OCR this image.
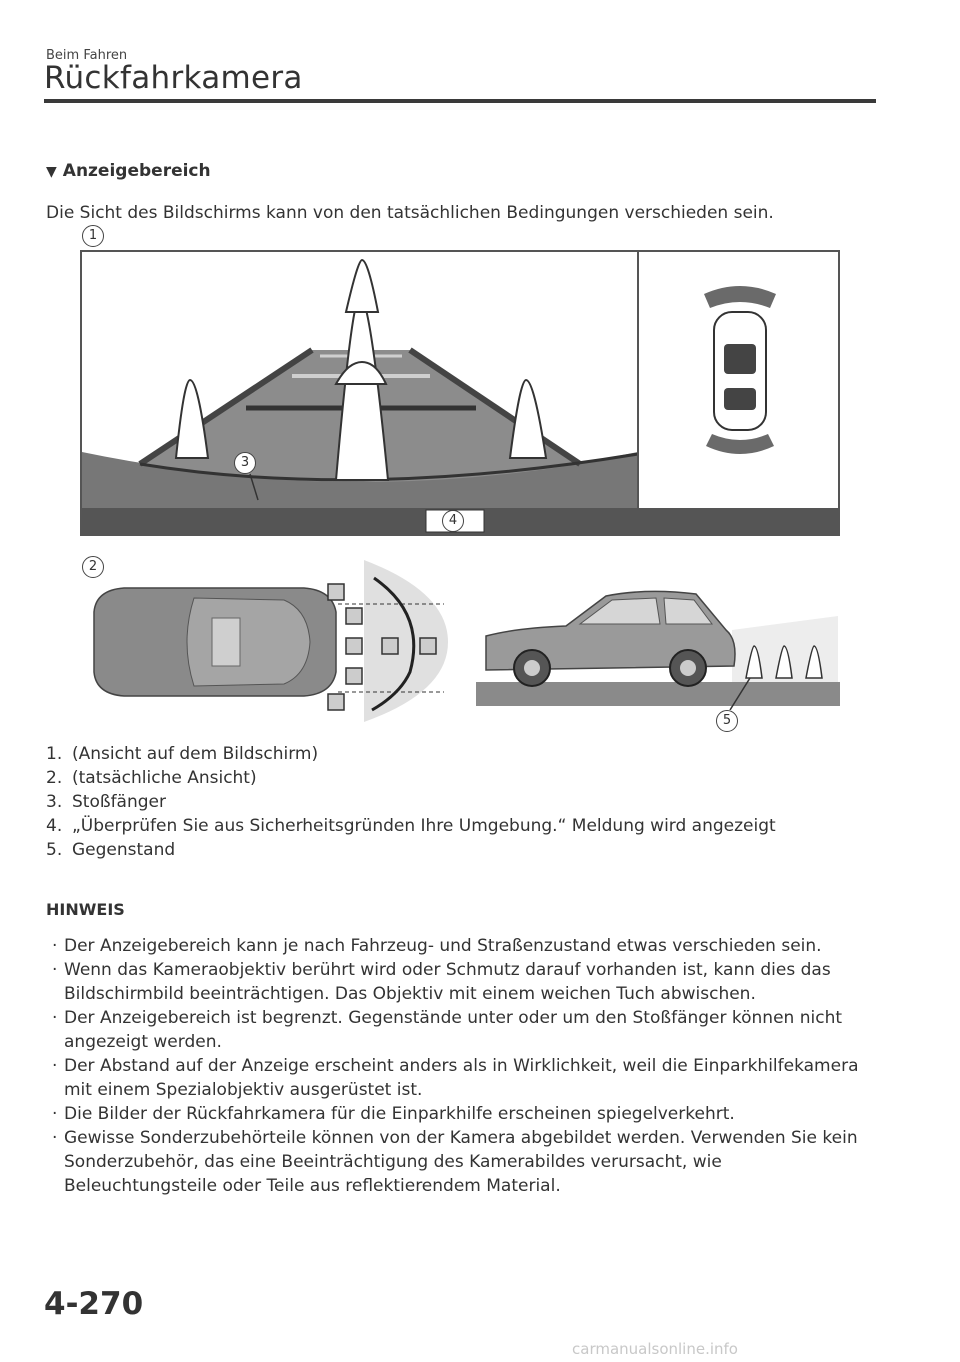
Beim Fahren
Rückfahrkamera
▼ Anzeigebereich
Die Sicht des Bildschirms kann von den tatsächlichen Bedingungen verschieden sein.
1
3
4
2
5
1. (Ansicht auf dem Bildschirm)
2. (tatsächliche Ansicht)
3. Stoßfänger
4. „Überprüfen Sie aus Sicherheitsgründen Ihre Umgebung.“ Meldung wird angezeigt
5. Gegenstand
HINWEIS
· Der Anzeigebereich kann je nach Fahrzeug- und Straßenzustand etwas verschieden sein.
· Wenn das Kameraobjektiv berührt wird oder Schmutz darauf vorhanden ist, kann dies das Bildschirmbild beeinträchtigen. Das Objektiv mit einem weichen Tuch abwischen.
· Der Anzeigebereich ist begrenzt. Gegenstände unter oder um den Stoßfänger können nicht angezeigt werden.
· Der Abstand auf der Anzeige erscheint anders als in Wirklichkeit, weil die Einparkhilfekamera mit einem Spezialobjektiv ausgerüstet ist.
· Die Bilder der Rückfahrkamera für die Einparkhilfe erscheinen spiegelverkehrt.
· Gewisse Sonderzubehörteile können von der Kamera abgebildet werden. Verwenden Sie kein Sonderzubehör, das eine Beeinträchtigung des Kamerabildes verursacht, wie Beleuchtungsteile oder Teile aus reflektierendem Material.
4-270
carmanualsonline.info
